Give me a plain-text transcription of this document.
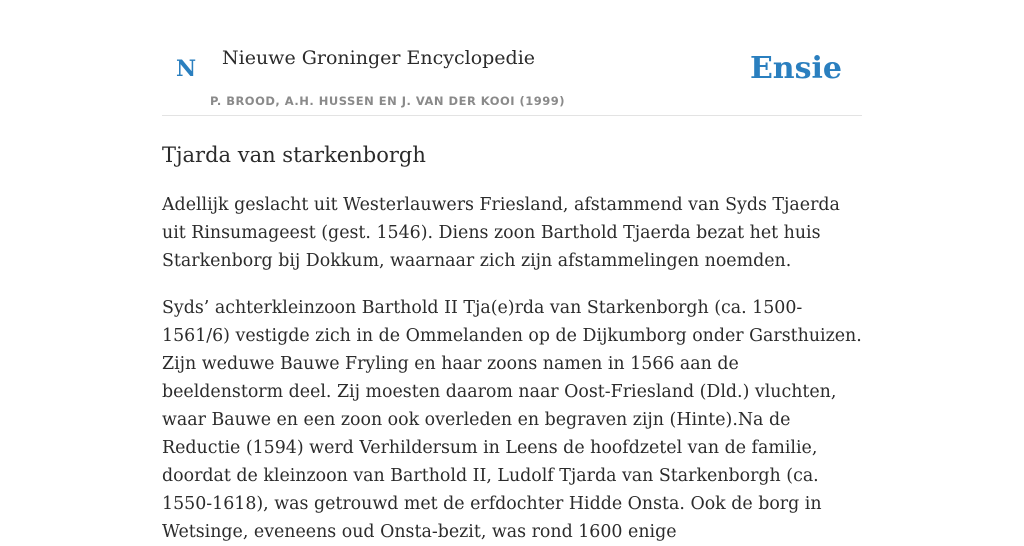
N Nieuwe Groninger Encyclopedie
P. BROOD, A.H. HUSSEN EN J. VAN DER KOOI (1999)
Ensie
Tjarda van starkenborgh

Adellijk geslacht uit Westerlauwers Friesland, afstammend van Syds Tjaerda uit Rinsumageest (gest. 1546). Diens zoon Barthold Tjaerda bezat het huis Starkenborg bij Dokkum, waarnaar zich zijn afstammelingen noemden.

Syds’ achterkleinzoon Barthold II Tja(e)rda van Starkenborgh (ca. 1500-1561/6) vestigde zich in de Ommelanden op de Dijkumborg onder Garsthuizen. Zijn weduwe Bauwe Fryling en haar zoons namen in 1566 aan de beeldenstorm deel. Zij moesten daarom naar Oost-Friesland (Dld.) vluchten, waar Bauwe en een zoon ook overleden en begraven zijn (Hinte).Na de Reductie (1594) werd Verhildersum in Leens de hoofdzetel van de familie, doordat de kleinzoon van Barthold II, Ludolf Tjarda van Starkenborgh (ca. 1550-1618), was getrouwd met de erfdochter Hidde Onsta. Ook de borg in Wetsinge, eveneens oud Onsta-bezit, was rond 1600 enige
